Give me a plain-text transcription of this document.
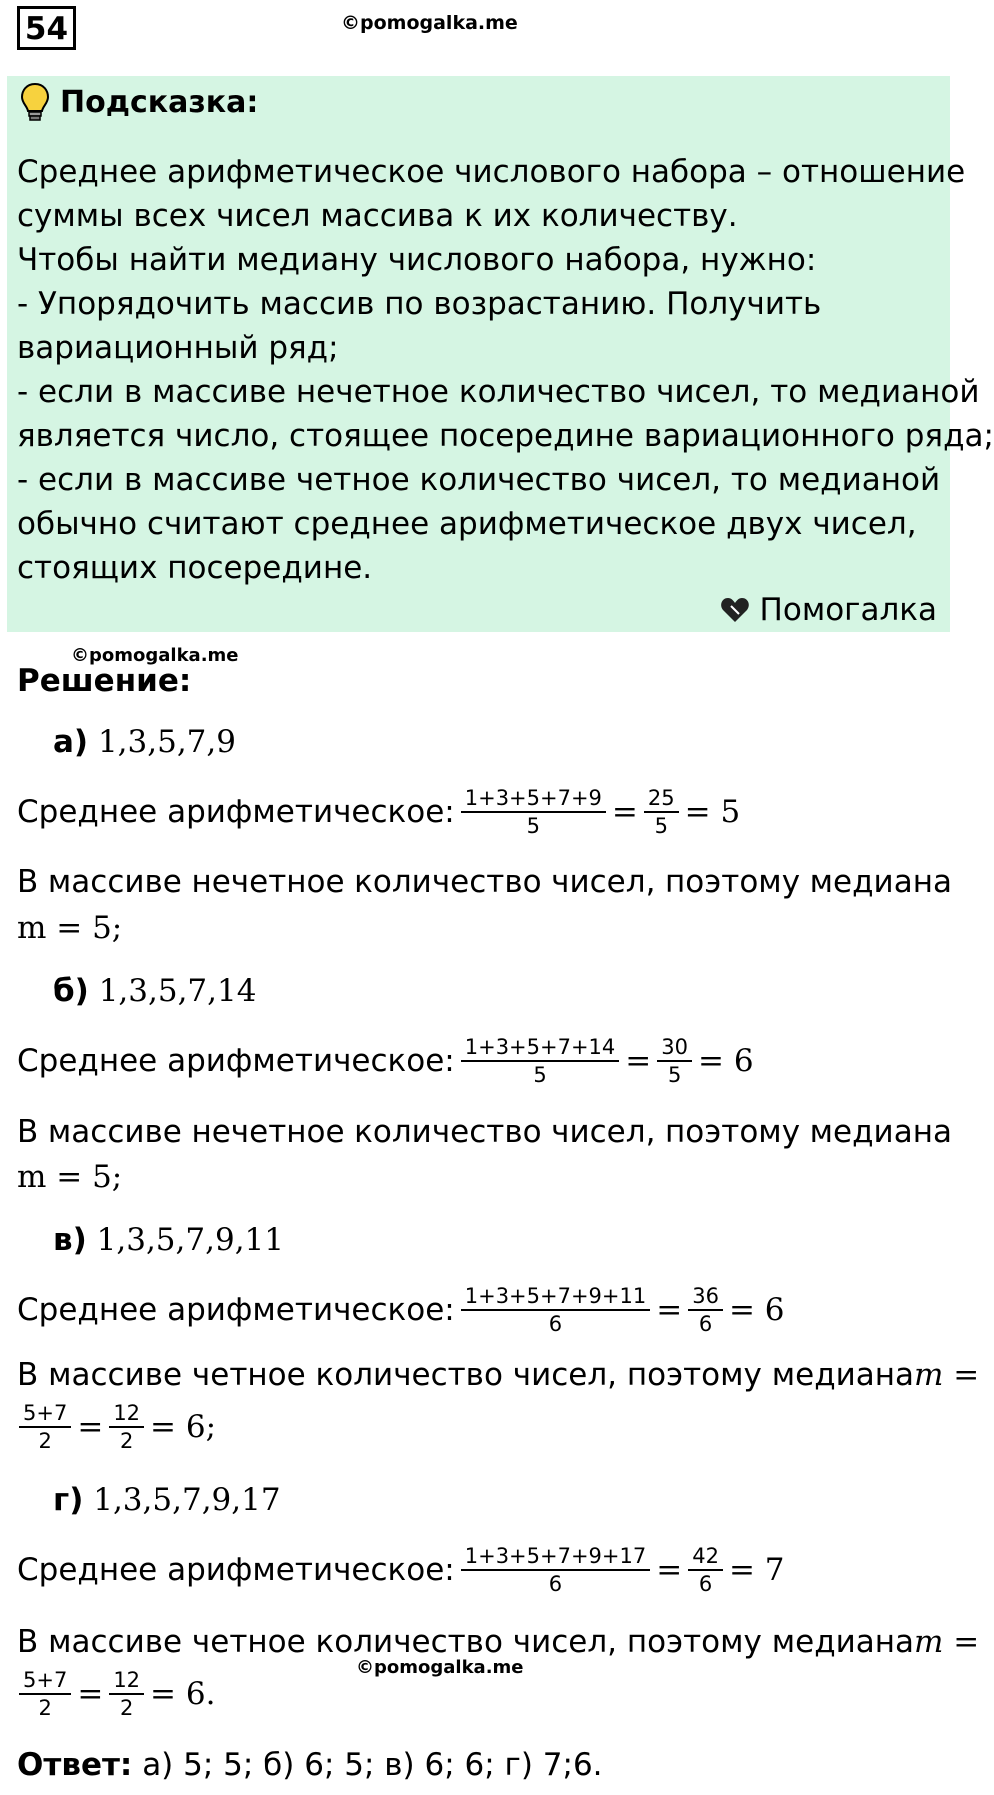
54	©pomogalka.me
Подсказка:
Среднее арифметическое числового набора – отношение
суммы всех чисел массива к их количеству.
Чтобы найти медиану числового набора, нужно:
- Упорядочить массив по возрастанию. Получить
вариационный ряд;
- если в массиве нечетное количество чисел, то медианой
является число, стоящее посередине вариационного ряда;
- если в массиве четное количество чисел, то медианой
обычно считают среднее арифметическое двух чисел,
стоящих посередине.
Помогалка
©pomogalka.me
Решение:
а) 1,3,5,7,9
Среднее арифметическое: $\frac{1+3+5+7+9}{5} = \frac{25}{5} = 5$
В массиве нечетное количество чисел, поэтому медиана
m = 5;
б) 1,3,5,7,14
Среднее арифметическое: $\frac{1+3+5+7+14}{5} = \frac{30}{5} = 6$
В массиве нечетное количество чисел, поэтому медиана
m = 5;
в) 1,3,5,7,9,11
Среднее арифметическое: $\frac{1+3+5+7+9+11}{6} = \frac{36}{6} = 6$
В массиве четное количество чисел, поэтому медиана m =
$\frac{5+7}{2} = \frac{12}{2} = 6$;
г) 1,3,5,7,9,17
Среднее арифметическое: $\frac{1+3+5+7+9+17}{6} = \frac{42}{6} = 7$
В массиве четное количество чисел, поэтому медиана m =
©pomogalka.me
$\frac{5+7}{2} = \frac{12}{2} = 6$.
Ответ: а) 5; 5; б) 6; 5; в) 6; 6; г) 7;6.
